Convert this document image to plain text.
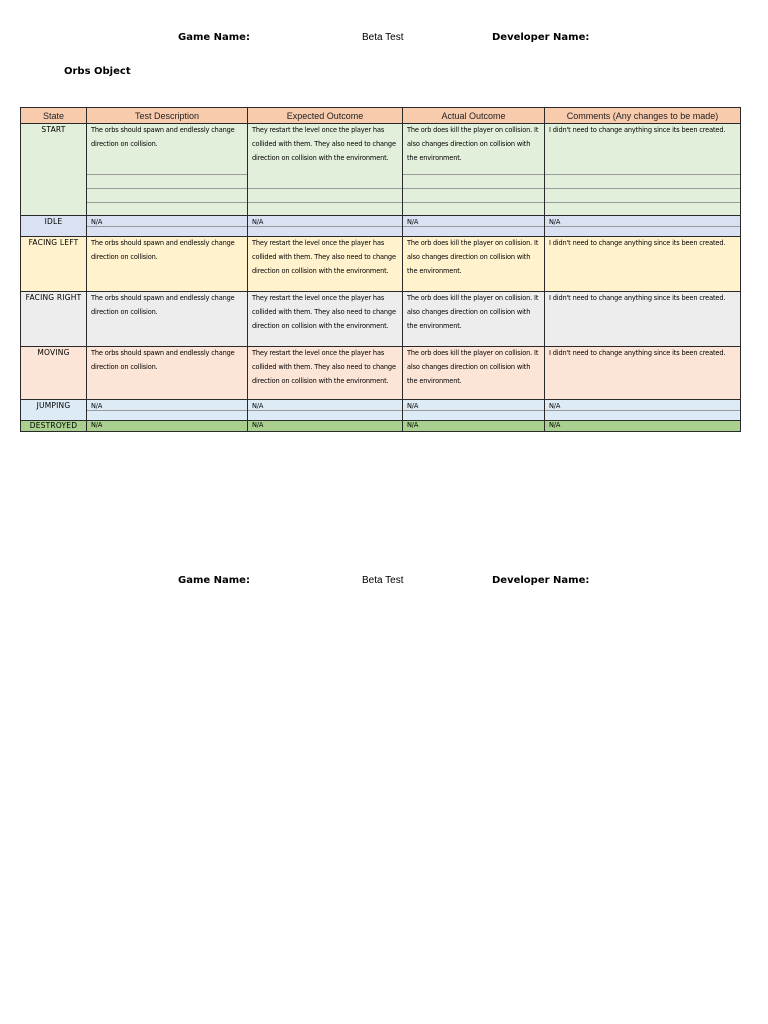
Game Name:	Beta Test	Developer Name:
Orbs Object
State	Test Description	Expected Outcome	Actual Outcome	Comments (Any changes to be made)
START	The orbs should spawn and endlessly change direction on collision.	They restart the level once the player has collided with them. They also need to change direction on collision with the environment.	The orb does kill the player on collision. It also changes direction on collision with the environment.	I didn't need to change anything since its been created.

IDLE	N/A	N/A	N/A	N/A

FACING LEFT	The orbs should spawn and endlessly change direction on collision.	They restart the level once the player has collided with them. They also need to change direction on collision with the environment.	The orb does kill the player on collision. It also changes direction on collision with the environment.	I didn't need to change anything since its been created.

FACING RIGHT	The orbs should spawn and endlessly change direction on collision.	They restart the level once the player has collided with them. They also need to change direction on collision with the environment.	The orb does kill the player on collision. It also changes direction on collision with the environment.	I didn't need to change anything since its been created.

MOVING	The orbs should spawn and endlessly change direction on collision.	They restart the level once the player has collided with them. They also need to change direction on collision with the environment.	The orb does kill the player on collision. It also changes direction on collision with the environment.	I didn't need to change anything since its been created.

JUMPING	N/A	N/A	N/A	N/A

DESTROYED	N/A	N/A	N/A	N/A
Game Name:	Beta Test	Developer Name:
